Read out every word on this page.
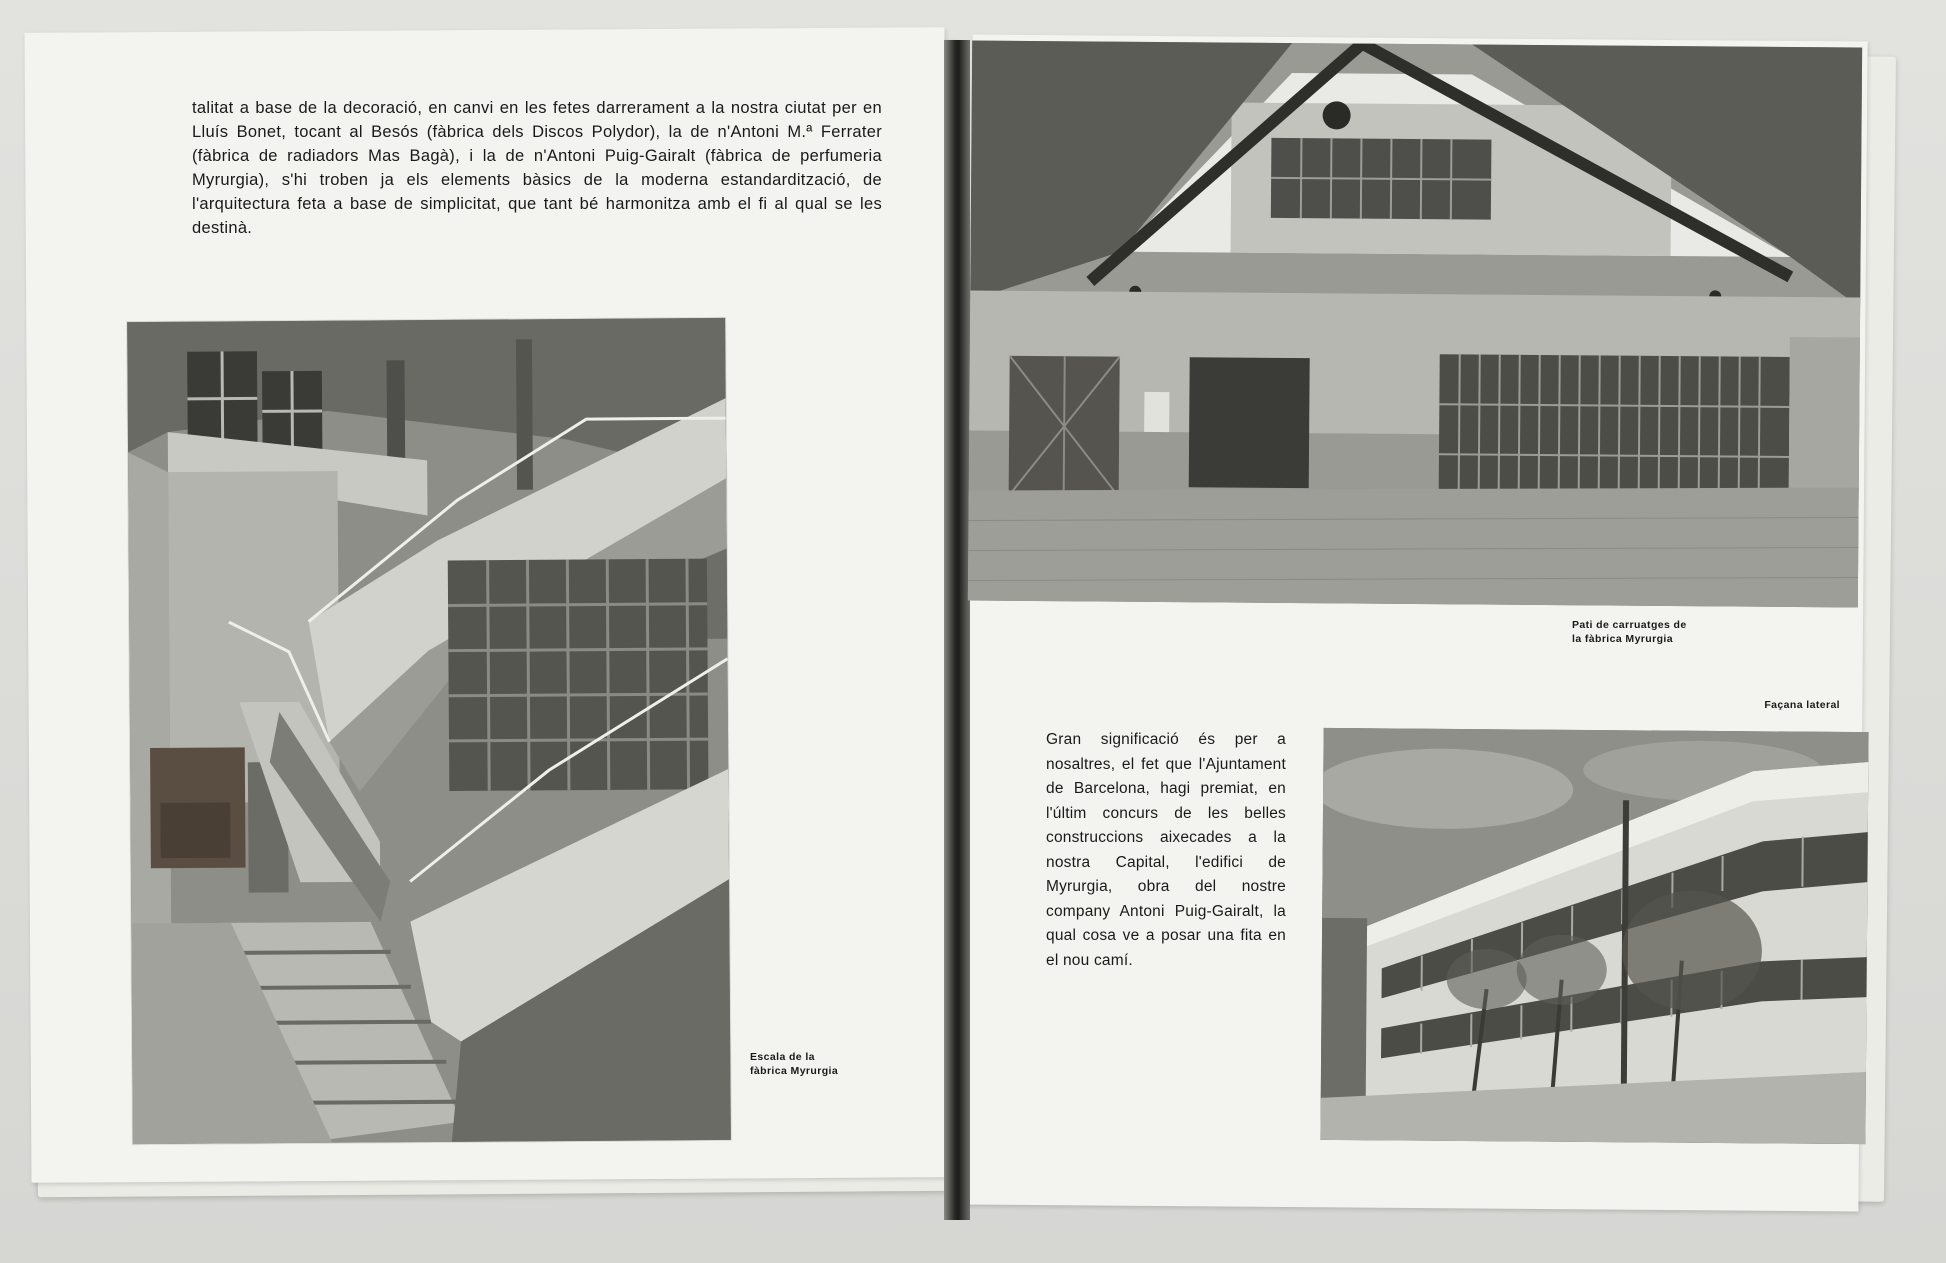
talitat a base de la decoració, en canvi en les fetes darrerament a la nostra ciutat per en Lluís Bonet, tocant al Besós (fàbrica dels Discos Polydor), la de n'Antoni M.ª Ferrater (fàbrica de radiadors Mas Bagà), i la de n'Antoni Puig-Gairalt (fàbrica de perfumeria Myrurgia), s'hi troben ja els elements bàsics de la moderna estandardització, de l'arquitectura feta a base de simplicitat, que tant bé harmonitza amb el fi al qual se les destinà.

Escala de la
fàbrica Myrurgia
Pati de carruatges de
la fàbrica Myrurgia
Façana lateral

Gran significació és per a nosaltres, el fet que l'Ajuntament de Barcelona, hagi premiat, en l'últim concurs de les belles construccions aixecades a la nostra Capital, l'edifici de Myrurgia, obra del nostre company Antoni Puig-Gairalt, la qual cosa ve a posar una fita en el nou camí.
